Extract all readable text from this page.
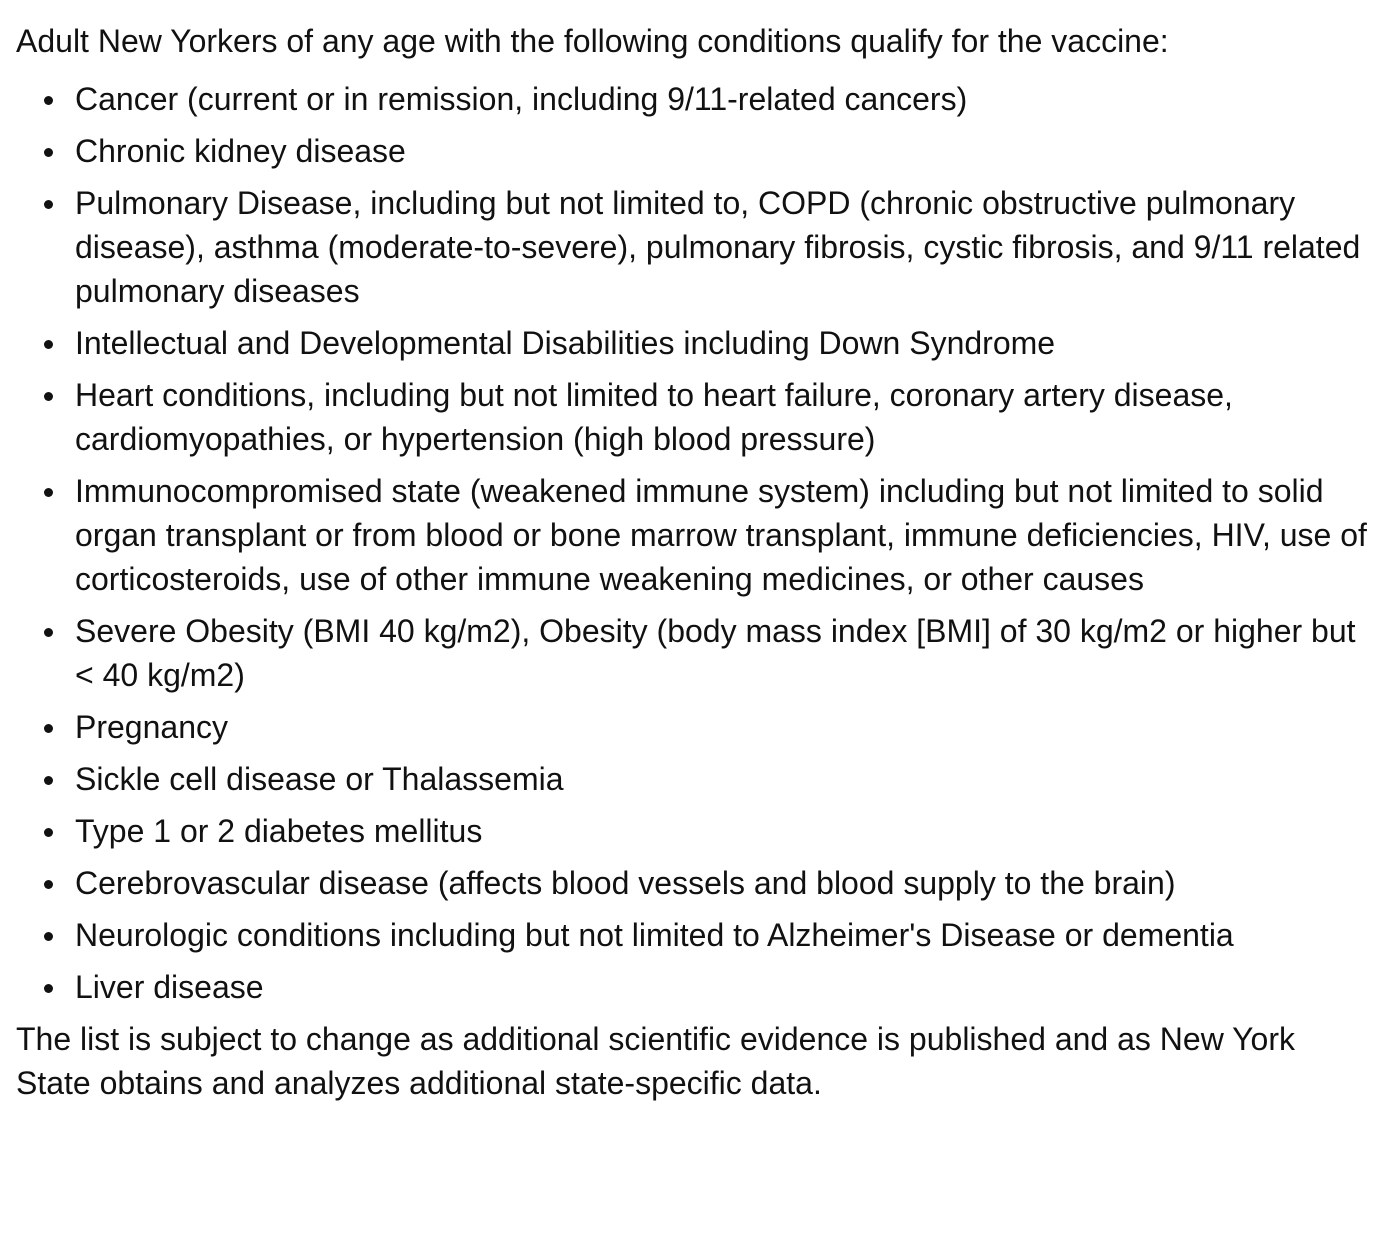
Adult New Yorkers of any age with the following conditions qualify for the vaccine:

Cancer (current or in remission, including 9/11-related cancers)
Chronic kidney disease
Pulmonary Disease, including but not limited to, COPD (chronic obstructive pulmonary disease), asthma (moderate-to-severe), pulmonary fibrosis, cystic fibrosis, and 9/11 related pulmonary diseases
Intellectual and Developmental Disabilities including Down Syndrome
Heart conditions, including but not limited to heart failure, coronary artery disease, cardiomyopathies, or hypertension (high blood pressure)
Immunocompromised state (weakened immune system) including but not limited to solid organ transplant or from blood or bone marrow transplant, immune deficiencies, HIV, use of corticosteroids, use of other immune weakening medicines, or other causes
Severe Obesity (BMI 40 kg/m2), Obesity (body mass index [BMI] of 30 kg/m2 or higher but < 40 kg/m2)
Pregnancy
Sickle cell disease or Thalassemia
Type 1 or 2 diabetes mellitus
Cerebrovascular disease (affects blood vessels and blood supply to the brain)
Neurologic conditions including but not limited to Alzheimer's Disease or dementia
Liver disease

The list is subject to change as additional scientific evidence is published and as New York State obtains and analyzes additional state-specific data.
